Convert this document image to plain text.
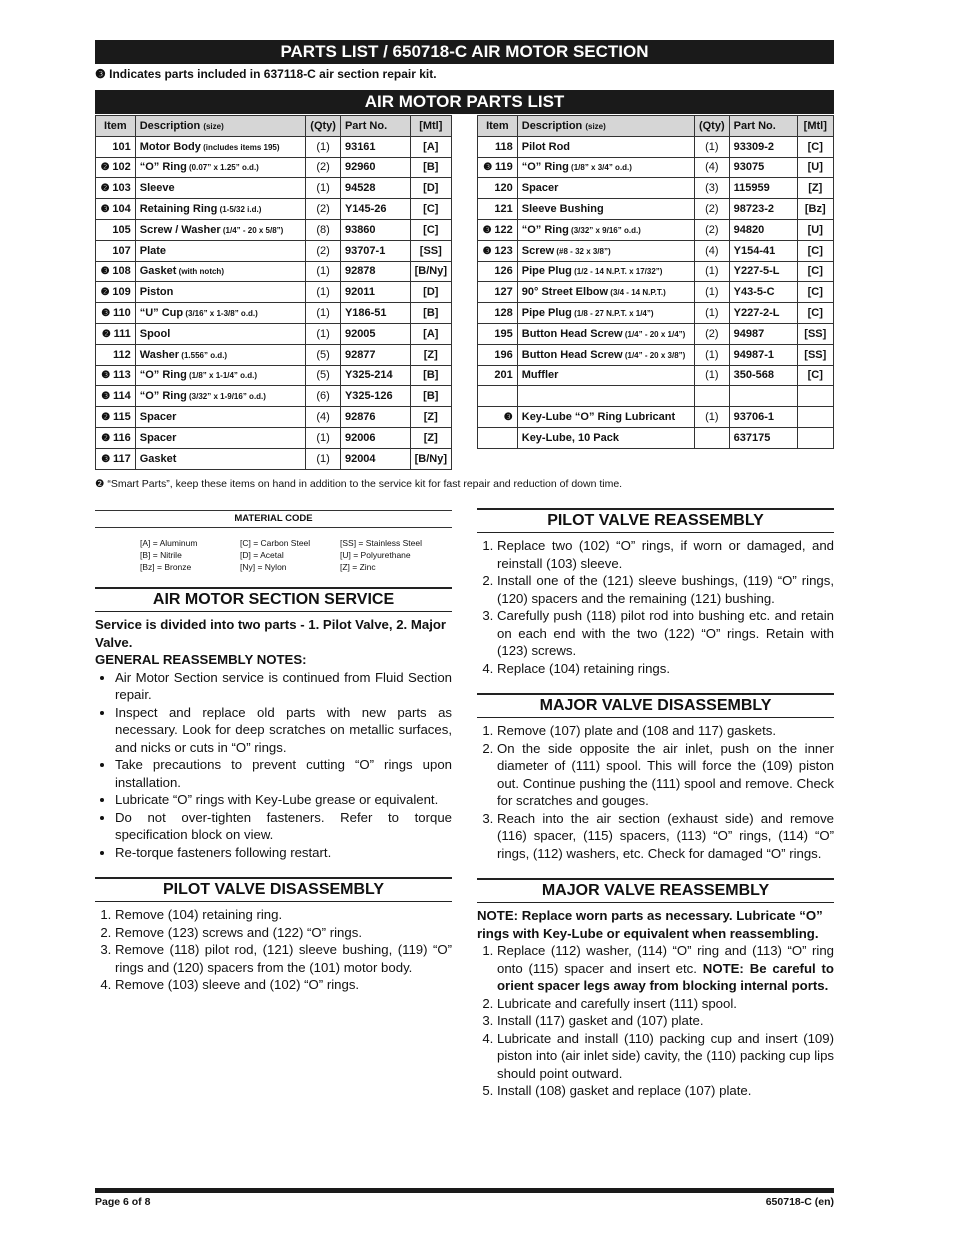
PARTS LIST / 650718-C AIR MOTOR SECTION
❸ Indicates parts included in 637118-C air section repair kit.
AIR MOTOR PARTS LIST
Item	Description (size)	(Qty)	Part No.	[Mtl]
101	Motor Body (includes items 195)	(1)	93161	[A]
❷ 102	“O” Ring (0.07” x 1.25” o.d.)	(2)	92960	[B]
❷ 103	Sleeve	(1)	94528	[D]
❸ 104	Retaining Ring (1-5/32 i.d.)	(2)	Y145-26	[C]
105	Screw / Washer (1/4” - 20 x 5/8”)	(8)	93860	[C]
107	Plate	(2)	93707-1	[SS]
❸ 108	Gasket (with notch)	(1)	92878	[B/Ny]
❷ 109	Piston	(1)	92011	[D]
❸ 110	“U” Cup (3/16” x 1-3/8” o.d.)	(1)	Y186-51	[B]
❷ 111	Spool	(1)	92005	[A]
112	Washer (1.556” o.d.)	(5)	92877	[Z]
❸ 113	“O” Ring (1/8” x 1-1/4” o.d.)	(5)	Y325-214	[B]
❸ 114	“O” Ring (3/32” x 1-9/16” o.d.)	(6)	Y325-126	[B]
❷ 115	Spacer	(4)	92876	[Z]
❷ 116	Spacer	(1)	92006	[Z]
❸ 117	Gasket	(1)	92004	[B/Ny]
Item	Description (size)	(Qty)	Part No.	[Mtl]
118	Pilot Rod	(1)	93309-2	[C]
❸ 119	“O” Ring (1/8” x 3/4” o.d.)	(4)	93075	[U]
120	Spacer	(3)	115959	[Z]
121	Sleeve Bushing	(2)	98723-2	[Bz]
❸ 122	“O” Ring (3/32” x 9/16” o.d.)	(2)	94820	[U]
❸ 123	Screw (#8 - 32 x 3/8”)	(4)	Y154-41	[C]
126	Pipe Plug (1/2 - 14 N.P.T. x 17/32”)	(1)	Y227-5-L	[C]
127	90° Street Elbow (3/4 - 14 N.P.T.)	(1)	Y43-5-C	[C]
128	Pipe Plug (1/8 - 27 N.P.T. x 1/4”)	(1)	Y227-2-L	[C]
195	Button Head Screw (1/4” - 20 x 1/4”)	(2)	94987	[SS]
196	Button Head Screw (1/4” - 20 x 3/8”)	(1)	94987-1	[SS]
201	Muffler	(1)	350-568	[C]

❸	Key-Lube “O” Ring Lubricant	(1)	93706-1	
	Key-Lube, 10 Pack		637175	
❷ “Smart Parts”, keep these items on hand in addition to the service kit for fast repair and reduction of down time.
MATERIAL CODE
[A] = Aluminum
[B] = Nitrile
[Bz] = Bronze
[C] = Carbon Steel
[D] = Acetal
[Ny] = Nylon
[SS] = Stainless Steel
[U] = Polyurethane
[Z] = Zinc
AIR MOTOR SECTION SERVICE
Service is divided into two parts - 1. Pilot Valve, 2. Major Valve.
GENERAL REASSEMBLY NOTES:
• Air Motor Section service is continued from Fluid Section repair.
• Inspect and replace old parts with new parts as necessary. Look for deep scratches on metallic surfaces, and nicks or cuts in “O” rings.
• Take precautions to prevent cutting “O” rings upon installation.
• Lubricate “O” rings with Key-Lube grease or equivalent.
• Do not over-tighten fasteners. Refer to torque specification block on view.
• Re-torque fasteners following restart.
PILOT VALVE DISASSEMBLY
1. Remove (104) retaining ring.
2. Remove (123) screws and (122) “O” rings.
3. Remove (118) pilot rod, (121) sleeve bushing, (119) “O” rings and (120) spacers from the (101) motor body.
4. Remove (103) sleeve and (102) “O” rings.
PILOT VALVE REASSEMBLY
1. Replace two (102) “O” rings, if worn or damaged, and reinstall (103) sleeve.
2. Install one of the (121) sleeve bushings, (119) “O” rings, (120) spacers and the remaining (121) bushing.
3. Carefully push (118) pilot rod into bushing etc. and retain on each end with the two (122) “O” rings. Retain with (123) screws.
4. Replace (104) retaining rings.
MAJOR VALVE DISASSEMBLY
1. Remove (107) plate and (108 and 117) gaskets.
2. On the side opposite the air inlet, push on the inner diameter of (111) spool. This will force the (109) piston out. Continue pushing the (111) spool and remove. Check for scratches and gouges.
3. Reach into the air section (exhaust side) and remove (116) spacer, (115) spacers, (113) “O” rings, (114) “O” rings, (112) washers, etc. Check for damaged “O” rings.
MAJOR VALVE REASSEMBLY
NOTE: Replace worn parts as necessary. Lubricate “O” rings with Key-Lube or equivalent when reassembling.
1. Replace (112) washer, (114) “O” ring and (113) “O” ring onto (115) spacer and insert etc. NOTE: Be careful to orient spacer legs away from blocking internal ports.
2. Lubricate and carefully insert (111) spool.
3. Install (117) gasket and (107) plate.
4. Lubricate and install (110) packing cup and insert (109) piston into (air inlet side) cavity, the (110) packing cup lips should point outward.
5. Install (108) gasket and replace (107) plate.
Page 6 of 8	650718-C (en)
